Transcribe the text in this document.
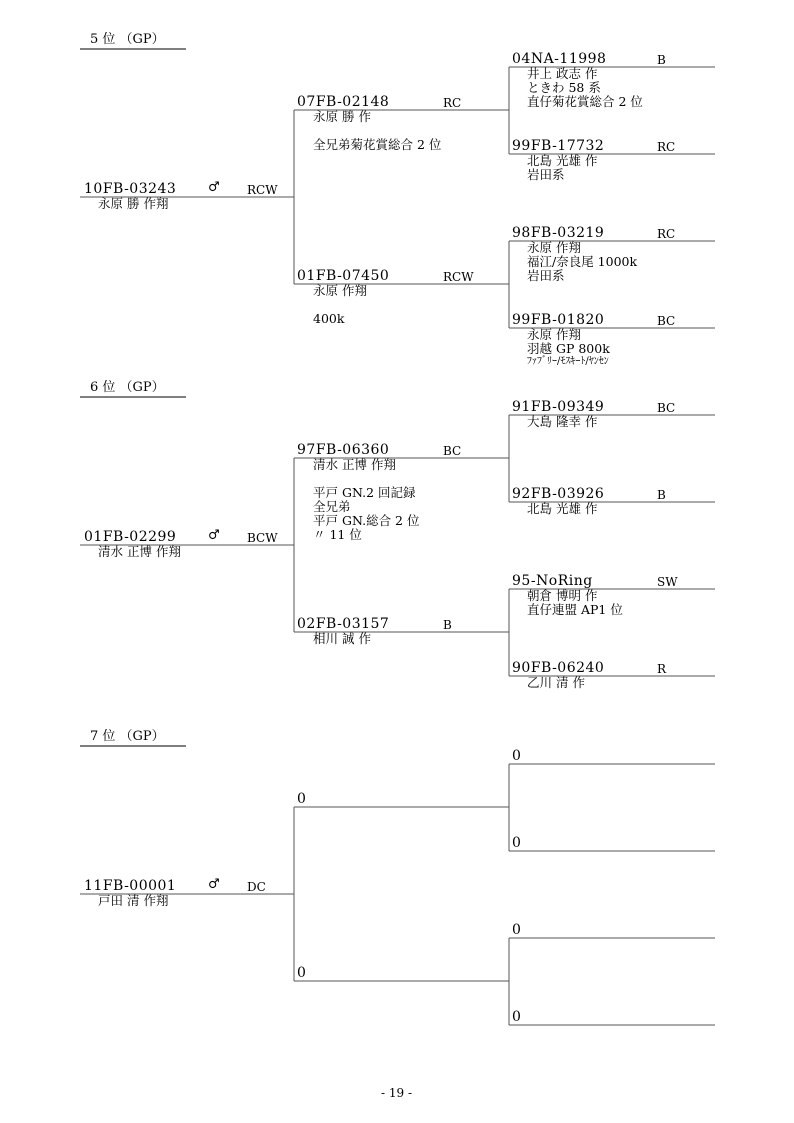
- 19 -
5 位 （GP）
10FB-03243 ♂ RCW
永原 勝 作翔
07FB-02148	RC
永原 勝 作
全兄弟菊花賞総合 2 位
01FB-07450	RCW
永原 作翔
400k
04NA-11998	B
井上 政志 作
ときわ 58 系
直仔菊花賞総合 2 位
99FB-17732	RC
北島 光雄 作
岩田系
98FB-03219	RC
永原 作翔
福江/奈良尾 1000k
岩田系
99FB-01820	BC
永原 作翔
羽越 GP 800k
ﾌｧﾌﾞﾘｰ/ﾓｽｷｰﾄ/ﾔﾝｾﾝ
6 位 （GP）
01FB-02299 ♂ BCW
清水 正博 作翔
97FB-06360	BC
清水 正博 作翔
平戸 GN.2 回記録
全兄弟
平戸 GN.総合 2 位
〃 11 位
02FB-03157	B
相川 誠 作
91FB-09349	BC
大島 隆幸 作
92FB-03926	B
北島 光雄 作
95-NoRing	SW
朝倉 博明 作
直仔連盟 AP1 位
90FB-06240	R
乙川 清 作
7 位 （GP）
11FB-00001 ♂ DC
戸田 清 作翔
0
0
0
0
0
0
